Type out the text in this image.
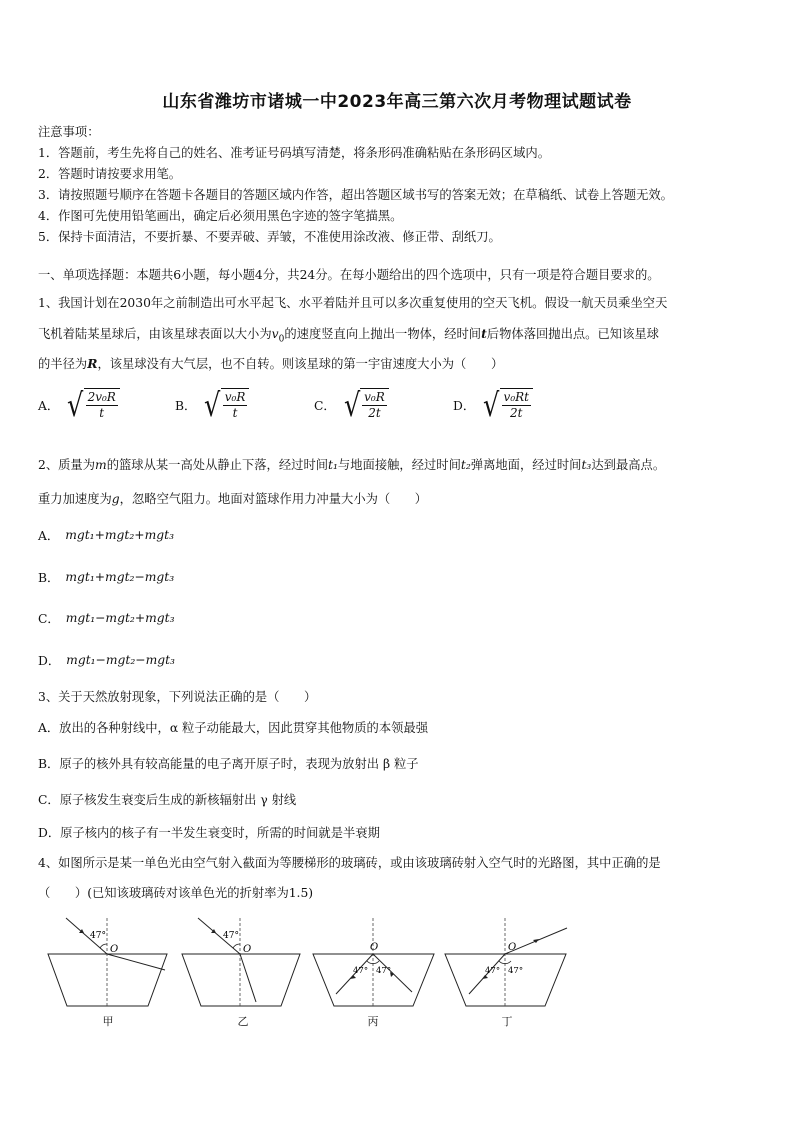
山东省潍坊市诸城一中2023年高三第六次月考物理试题试卷
注意事项：
1．答题前，考生先将自己的姓名、准考证号码填写清楚，将条形码准确粘贴在条形码区域内。
2．答题时请按要求用笔。
3．请按照题号顺序在答题卡各题目的答题区域内作答，超出答题区域书写的答案无效；在草稿纸、试卷上答题无效。
4．作图可先使用铅笔画出，确定后必须用黑色字迹的签字笔描黑。
5．保持卡面清洁，不要折暴、不要弄破、弄皱，不准使用涂改液、修正带、刮纸刀。
一、单项选择题：本题共6小题，每小题4分，共24分。在每小题给出的四个选项中，只有一项是符合题目要求的。
1、我国计划在2030年之前制造出可水平起飞、水平着陆并且可以多次重复使用的空天飞机。假设一航天员乘坐空天
飞机着陆某星球后，由该星球表面以大小为$v_0$的速度竖直向上抛出一物体，经时间t后物体落回抛出点。已知该星球
的半径为R，该星球没有大气层，也不自转。则该星球的第一宇宙速度大小为（　　）
A． √ $\frac{\text{2v₀R}}{t}$	B． √ $\frac{\text{v₀R}}{t}$	C． √ $\frac{\text{v₀R}}{2t}$	D． √ $\frac{\text{v₀Rt}}{2t}$
2、质量为m的篮球从某一高处从静止下落，经过时间t₁与地面接触，经过时间t₂弹离地面，经过时间t₃达到最高点。
重力加速度为g，忽略空气阻力。地面对篮球作用力冲量大小为（　　）
A． mgt₁+mgt₂+mgt₃
B． mgt₁+mgt₂−mgt₃
C． mgt₁−mgt₂+mgt₃
D． mgt₁−mgt₂−mgt₃
3、关于天然放射现象，下列说法正确的是（　　）
A．放出的各种射线中，α 粒子动能最大，因此贯穿其他物质的本领最强
B．原子的核外具有较高能量的电子离开原子时，表现为放射出 β 粒子
C．原子核发生衰变后生成的新核辐射出 γ 射线
D．原子核内的核子有一半发生衰变时，所需的时间就是半衰期
4、如图所示是某一单色光由空气射入截面为等腰梯形的玻璃砖，或由该玻璃砖射入空气时的光路图，其中正确的是
（　　）(已知该玻璃砖对该单色光的折射率为1.5)
47°
O
甲
47°
O
乙
47° 47°
O
丙
47° 47°
O
丁
